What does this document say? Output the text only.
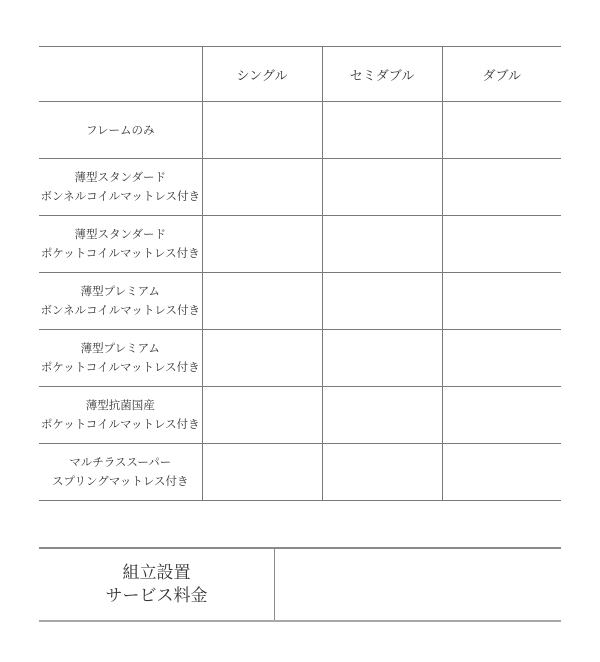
	シングル	セミダブル	ダブル

フレームのみ			

薄型スタンダード
ボンネルコイルマットレス付き			

薄型スタンダード
ポケットコイルマットレス付き			

薄型プレミアム
ボンネルコイルマットレス付き			

薄型プレミアム
ポケットコイルマットレス付き			

薄型抗菌国産
ポケットコイルマットレス付き			

マルチラススーパー
スプリングマットレス付き			

組立設置
サービス料金
